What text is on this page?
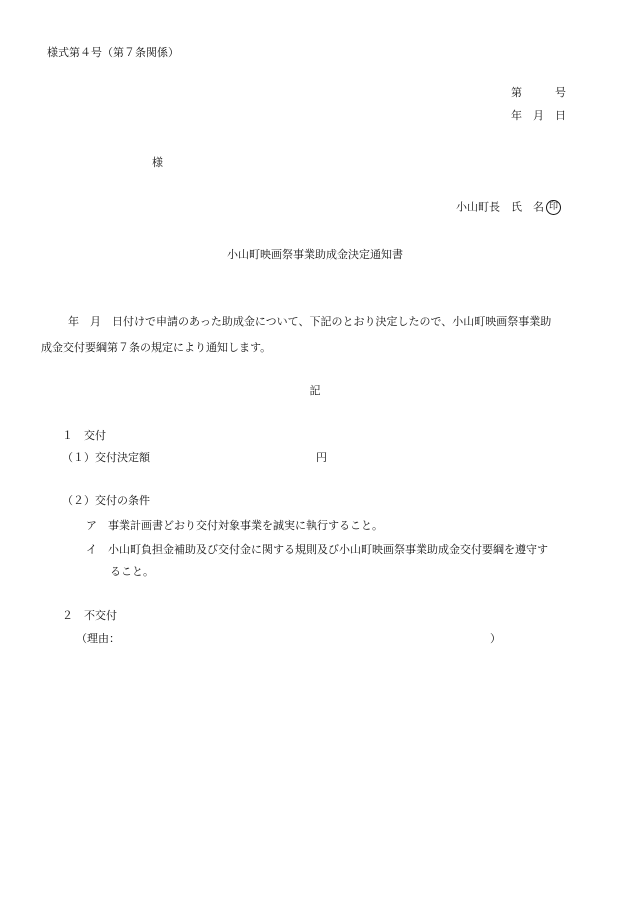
様式第４号（第７条関係）
第　　　号
年　月　日
様
小山町長　氏　名 印
小山町映画祭事業助成金決定通知書
年　月　日付けで申請のあった助成金について、下記のとおり決定したので、小山町映画祭事業助
成金交付要綱第７条の規定により通知します。
記
１　交付
（１）交付決定額	円
（２）交付の条件
ア　事業計画書どおり交付対象事業を誠実に執行すること。
イ　小山町負担金補助及び交付金に関する規則及び小山町映画祭事業助成金交付要綱を遵守す
ること。
２　不交付
（理由：	）
